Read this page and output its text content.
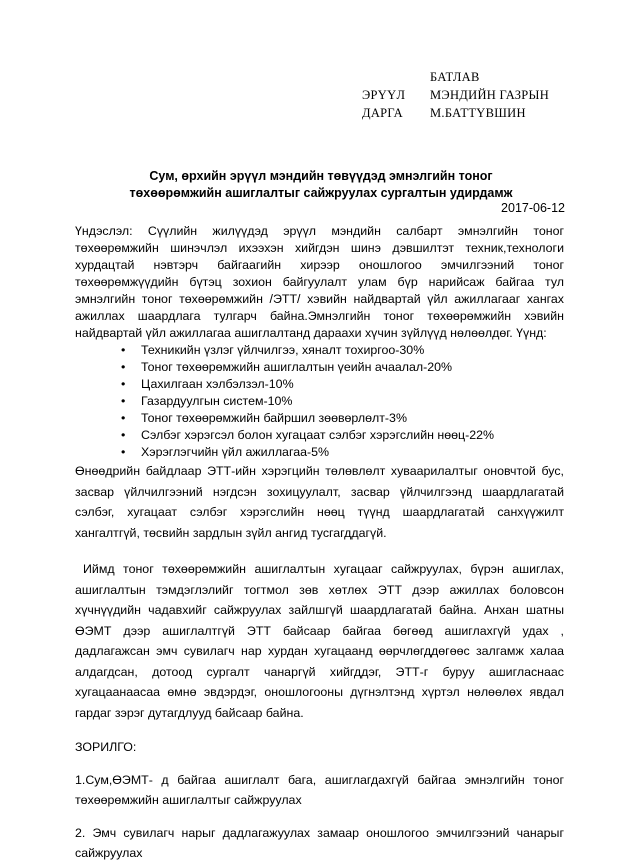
БАТЛАВ
ЭРҮҮЛ	МЭНДИЙН ГАЗРЫН
ДАРГА	М.БАТТҮВШИН
Сум, өрхийн эрүүл мэндийн төвүүдэд эмнэлгийн тоног
төхөөрөмжийн ашиглалтыг сайжруулах сургалтын удирдамж
2017-06-12

Үндэслэл: Сүүлийн жилүүдэд эрүүл мэндийн салбарт эмнэлгийн тоног төхөөрөмжийн шинэчлэл ихээхэн хийгдэн шинэ дэвшилтэт техник,технологи хурдацтай нэвтэрч байгаагийн хирээр оношлогоо эмчилгээний тоног төхөөрөмжүүдийн бүтэц зохион байгуулалт улам бүр нарийсаж байгаа тул эмнэлгийн тоног төхөөрөмжийн /ЭТТ/ хэвийн найдвартай үйл ажиллагааг хангах ажиллах шаардлага тулгарч байна.Эмнэлгийн тоног төхөөрөмжийн хэвийн найдвартай үйл ажиллагаа ашиглалтанд дараахи хүчин зүйлүүд нөлөөлдөг. Үүнд:

• Техникийн үзлэг үйлчилгээ, хяналт тохиргоо-30%
• Тоног төхөөрөмжийн ашиглалтын үеийн ачаалал-20%
• Цахилгаан хэлбэлзэл-10%
• Газардуулгын систем-10%
• Тоног төхөөрөмжийн байршил зөөвөрлөлт-3%
• Сэлбэг хэрэгсэл болон хугацаат сэлбэг хэрэгслийн нөөц-22%
• Хэрэглэгчийн үйл ажиллагаа-5%

Өнөөдрийн байдлаар ЭТТ-ийн хэрэгцийн төлөвлөлт хуваарилалтыг оновчтой бус, засвар үйлчилгээний нэгдсэн зохицуулалт, засвар үйлчилгээнд шаардлагатай сэлбэг, хугацаат сэлбэг хэрэгслийн нөөц түүнд шаардлагатай санхүүжилт хангалтгүй, төсвийн зардлын зүйл ангид тусгагддагүй.

Иймд тоног төхөөрөмжийн ашиглалтын хугацааг сайжруулах, бүрэн ашиглах, ашиглалтын тэмдэглэлийг тогтмол зөв хөтлөх ЭТТ дээр ажиллах боловсон хүчнүүдийн чадавхийг сайжруулах зайлшгүй шаардлагатай байна. Анхан шатны ӨЭМТ дээр ашиглалтгүй ЭТТ байсаар байгаа бөгөөд ашиглахгүй удах , дадлагажсан эмч сувилагч нар хурдан хугацаанд өөрчлөгддөгөөс залгамж халаа алдагдсан, дотоод сургалт чанаргүй хийгддэг, ЭТТ-г буруу ашигласнаас хугацаанаасаа өмнө эвдэрдэг, оношлогооны дүгнэлтэнд хүртэл нөлөөлөх явдал гардаг зэрэг дутагдлууд байсаар байна.

ЗОРИЛГО:

1.Сум,ӨЭМТ- д байгаа ашиглалт бага, ашиглагдахгүй байгаа эмнэлгийн тоног төхөөрөмжийн ашиглалтыг сайжруулах

2. Эмч сувилагч нарыг дадлагажуулах замаар оношлогоо эмчилгээний чанарыг сайжруулах
